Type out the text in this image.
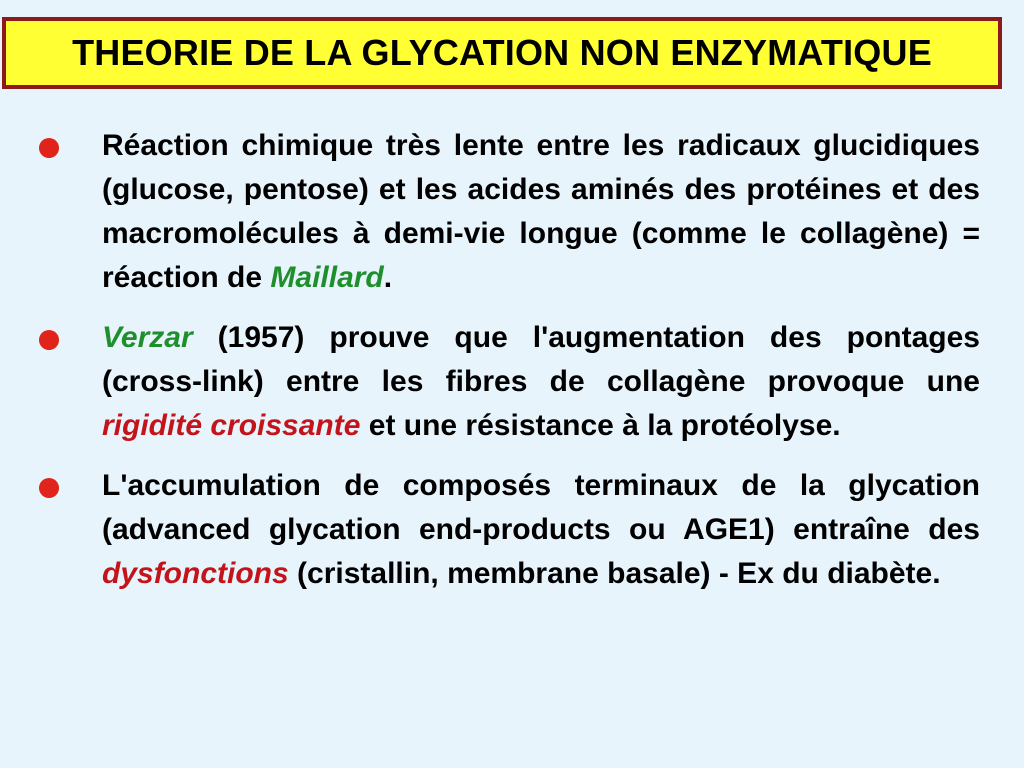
THEORIE DE LA GLYCATION NON ENZYMATIQUE
Réaction chimique très lente entre les radicaux glucidiques (glucose, pentose) et les acides aminés des protéines et des macromolécules à demi-vie longue (comme le collagène) = réaction de Maillard.
Verzar (1957) prouve que l'augmentation des pontages (cross-link) entre les fibres de collagène provoque une rigidité croissante et une résistance à la protéolyse.
L'accumulation de composés terminaux de la glycation (advanced glycation end-products ou AGE1) entraîne des dysfonctions (cristallin, membrane basale) - Ex du diabète.
